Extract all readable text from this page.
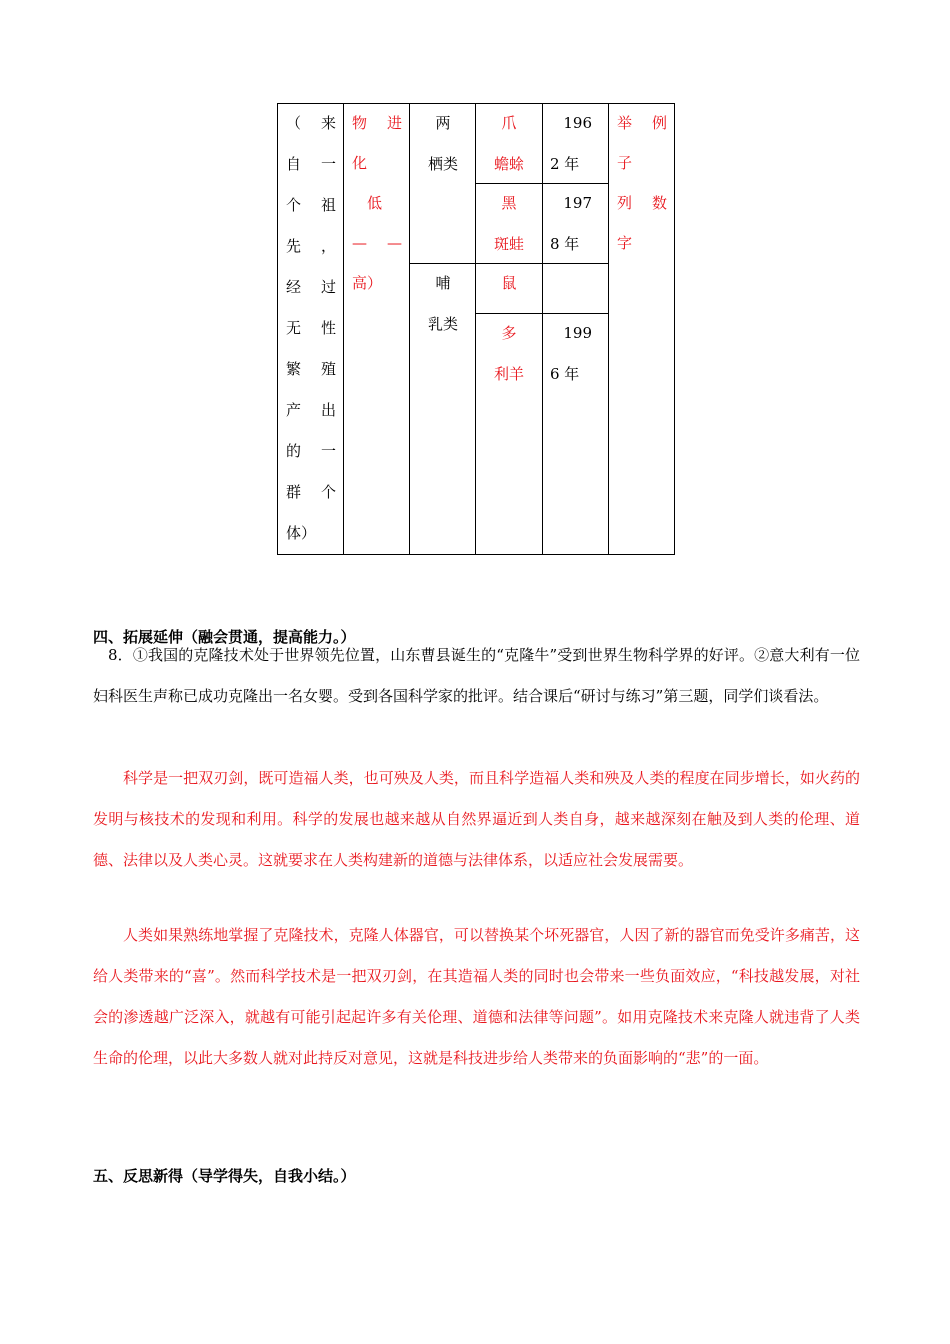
（　来
自　一
个　祖
先　，
经　过
无　性
繁　殖
产　出
的　一
群　个
体）
物　进
化
　低
—　—
高）
两
栖类
哺
乳类
爪
蟾蜍
黑
斑蛙
鼠
多
利羊
196
2 年
197
8 年
199
6 年
举　例
子
列　数
字
四、拓展延伸（融会贯通，提高能力。）

8．①我国的克隆技术处于世界领先位置，山东曹县诞生的“克隆牛”受到世界生物科学界的好评。②意大利有一位妇科医生声称已成功克隆出一名女婴。受到各国科学家的批评。结合课后“研讨与练习”第三题，同学们谈看法。

科学是一把双刃剑，既可造福人类，也可殃及人类，而且科学造福人类和殃及人类的程度在同步增长，如火药的发明与核技术的发现和利用。科学的发展也越来越从自然界逼近到人类自身，越来越深刻在触及到人类的伦理、道德、法律以及人类心灵。这就要求在人类构建新的道德与法律体系，以适应社会发展需要。

人类如果熟练地掌握了克隆技术，克隆人体器官，可以替换某个坏死器官，人因了新的器官而免受许多痛苦，这给人类带来的“喜”。然而科学技术是一把双刃剑，在其造福人类的同时也会带来一些负面效应，“科技越发展，对社会的渗透越广泛深入，就越有可能引起起许多有关伦理、道德和法律等问题”。如用克隆技术来克隆人就违背了人类生命的伦理，以此大多数人就对此持反对意见，这就是科技进步给人类带来的负面影响的“悲”的一面。

五、反思新得（导学得失，自我小结。）
